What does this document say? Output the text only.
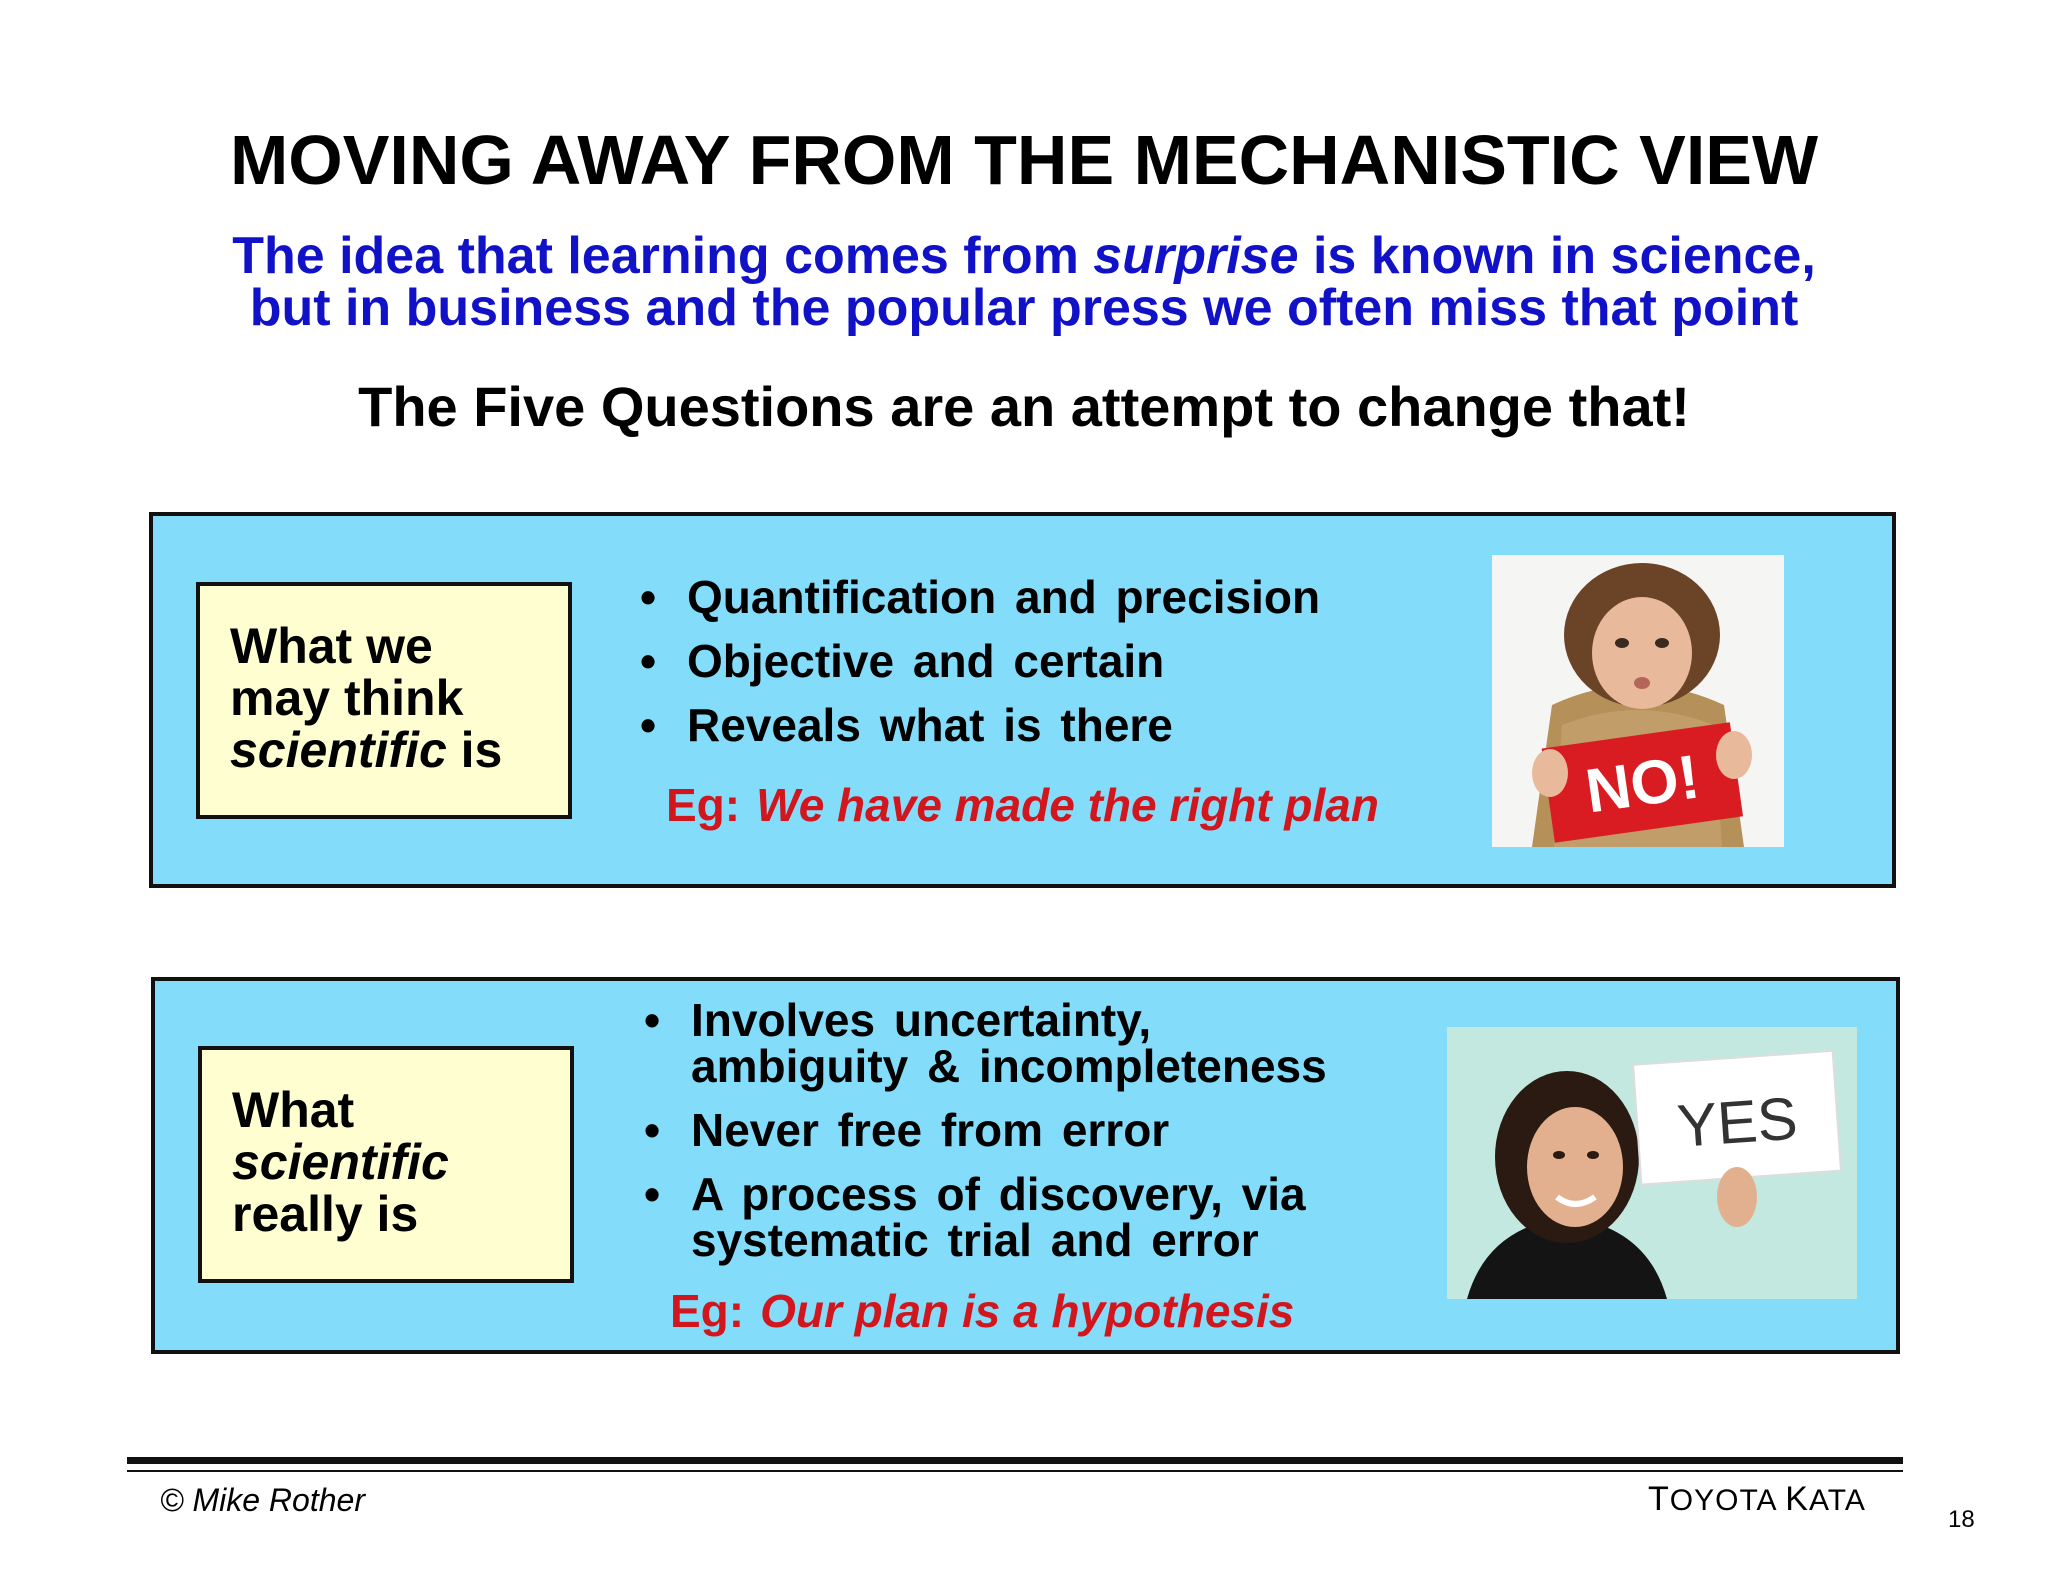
MOVING AWAY FROM THE MECHANISTIC VIEW
The idea that learning comes from surprise is known in science,
but in business and the popular press we often miss that point
The Five Questions are an attempt to change that!
What we
may think
scientific is
• Quantification and precision
• Objective and certain
• Reveals what is there
Eg: We have made the right plan	NO!
What
scientific
really is
• Involves uncertainty,
ambiguity & incompleteness
• Never free from error
• A process of discovery, via
systematic trial and error
Eg: Our plan is a hypothesis
YES
© Mike Rother	TOYOTA KATA
18
